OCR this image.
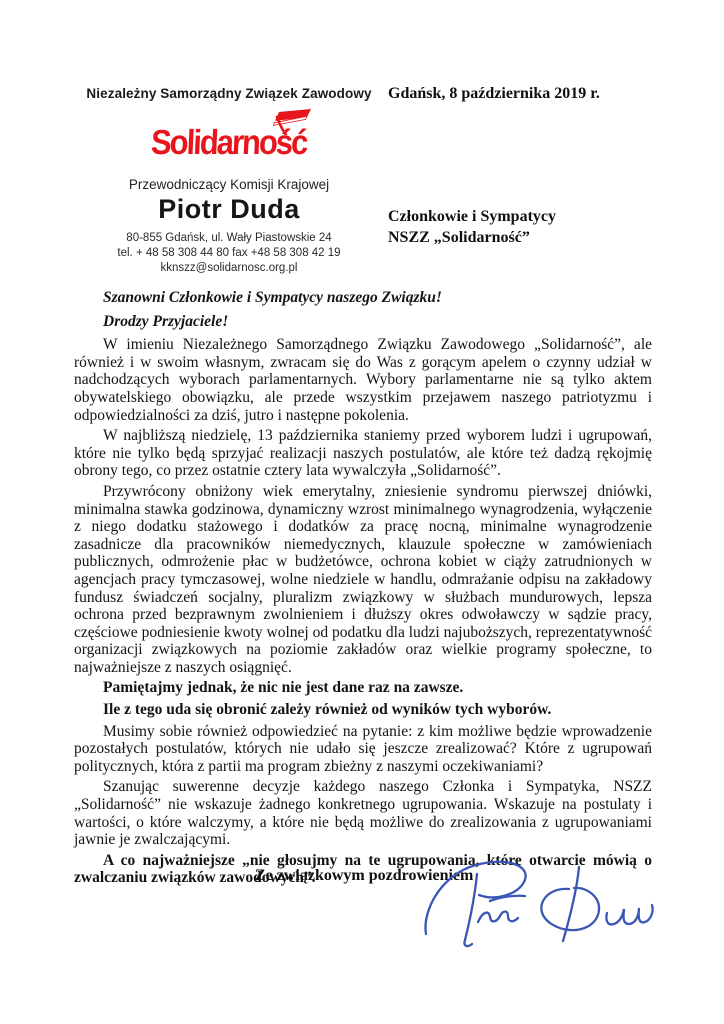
Niezależny Samorządny Związek Zawodowy
Solidarność
Przewodniczący Komisji Krajowej
Piotr Duda
80-855 Gdańsk, ul. Wały Piastowskie 24
tel. + 48 58 308 44 80 fax +48 58 308 42 19
kknszz@solidarnosc.org.pl
Gdańsk, 8 października 2019 r.
Członkowie i Sympatycy
NSZZ „Solidarność”

Szanowni Członkowie i Sympatycy naszego Związku!

Drodzy Przyjaciele!

W imieniu Niezależnego Samorządnego Związku Zawodowego „Solidarność”, ale również i w swoim własnym, zwracam się do Was z gorącym apelem o czynny udział w nadchodzących wyborach parlamentarnych. Wybory parlamentarne nie są tylko aktem obywatelskiego obowiązku, ale przede wszystkim przejawem naszego patriotyzmu i odpowiedzialności za dziś, jutro i następne pokolenia.

W najbliższą niedzielę, 13 października staniemy przed wyborem ludzi i ugrupowań, które nie tylko będą sprzyjać realizacji naszych postulatów, ale które też dadzą rękojmię obrony tego, co przez ostatnie cztery lata wywalczyła „Solidarność”.

Przywrócony obniżony wiek emerytalny, zniesienie syndromu pierwszej dniówki, minimalna stawka godzinowa, dynamiczny wzrost minimalnego wynagrodzenia, wyłączenie z niego dodatku stażowego i dodatków za pracę nocną, minimalne wynagrodzenie zasadnicze dla pracowników niemedycznych, klauzule społeczne w zamówieniach publicznych, odmrożenie płac w budżetówce, ochrona kobiet w ciąży zatrudnionych w agencjach pracy tymczasowej, wolne niedziele w handlu, odmrażanie odpisu na zakładowy fundusz świadczeń socjalny, pluralizm związkowy w służbach mundurowych, lepsza ochrona przed bezprawnym zwolnieniem i dłuższy okres odwoławczy w sądzie pracy, częściowe podniesienie kwoty wolnej od podatku dla ludzi najuboższych, reprezentatywność organizacji związkowych na poziomie zakładów oraz wielkie programy społeczne, to najważniejsze z naszych osiągnięć.

Pamiętajmy jednak, że nic nie jest dane raz na zawsze.

Ile z tego uda się obronić zależy również od wyników tych wyborów.

Musimy sobie również odpowiedzieć na pytanie: z kim możliwe będzie wprowadzenie pozostałych postulatów, których nie udało się jeszcze zrealizować? Które z ugrupowań politycznych, która z partii ma program zbieżny z naszymi oczekiwaniami?

Szanując suwerenne decyzje każdego naszego Członka i Sympatyka, NSZZ „Solidarność” nie wskazuje żadnego konkretnego ugrupowania. Wskazuje na postulaty i wartości, o które walczymy, a które nie będą możliwe do zrealizowania z ugrupowaniami jawnie je zwalczającymi.

A co najważniejsze „nie głosujmy na te ugrupowania, które otwarcie mówią o zwalczaniu związków zawodowych”.

Ze związkowym pozdrowieniem
